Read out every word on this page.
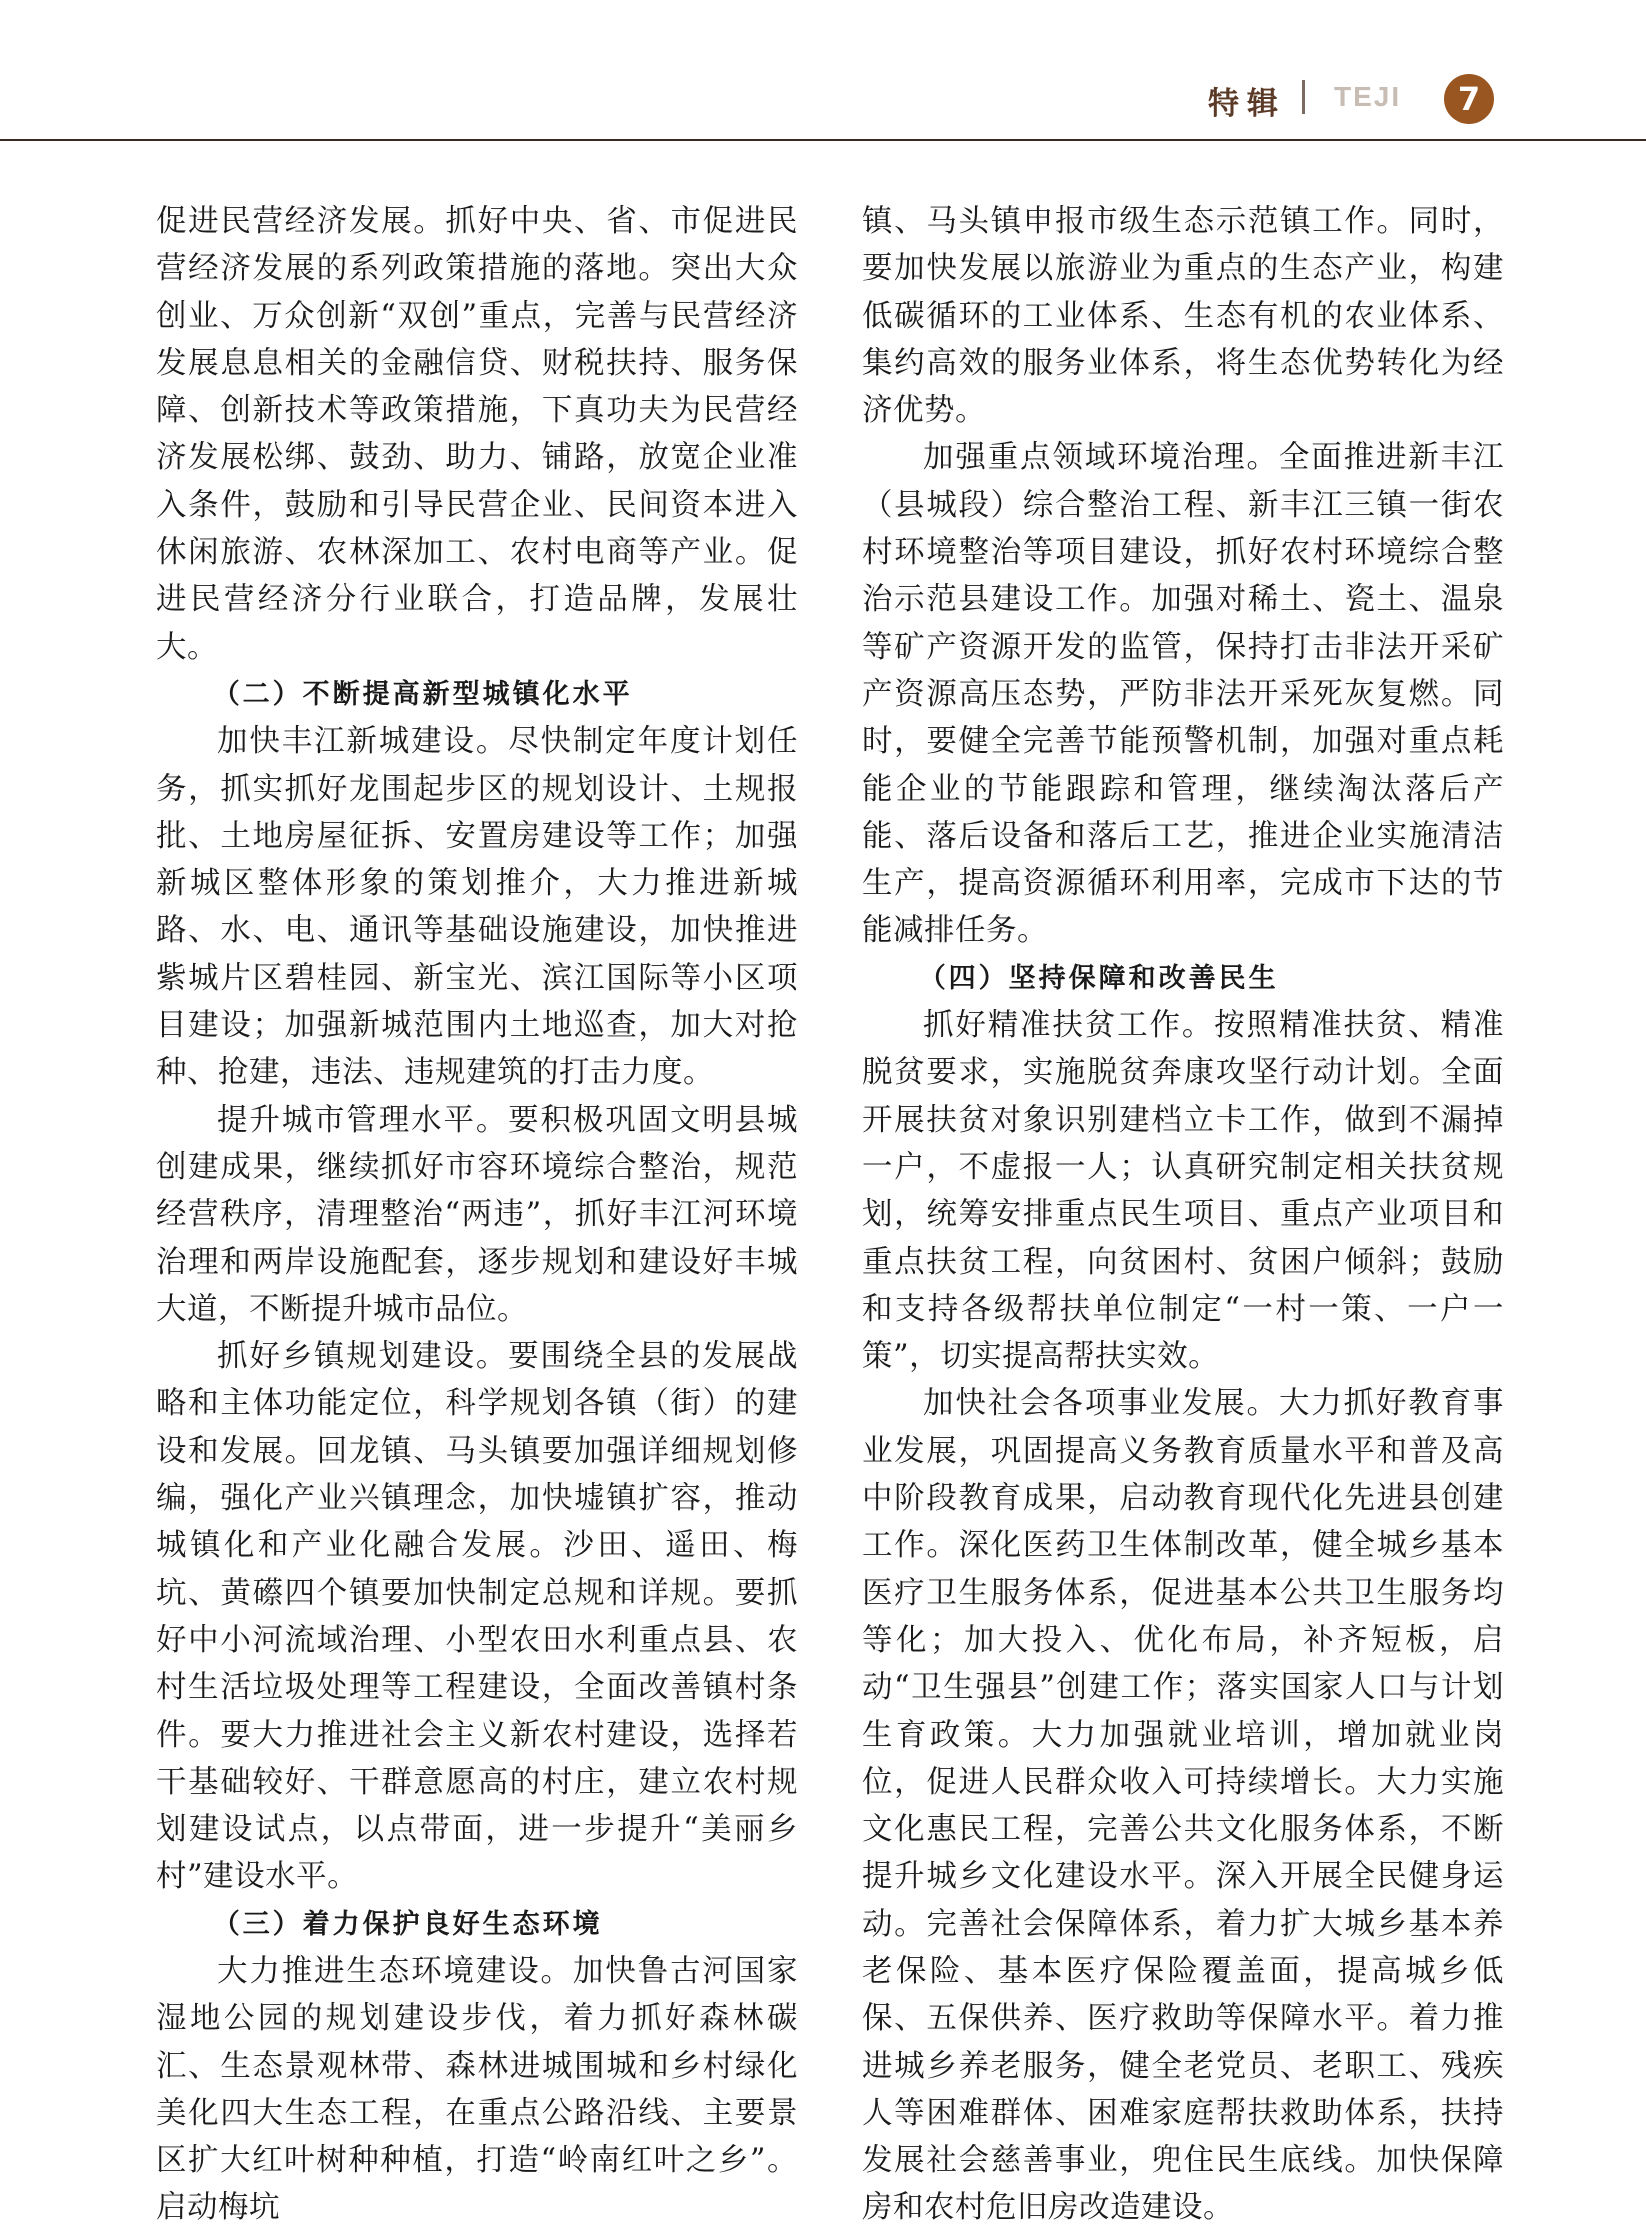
特辑 TEJI	7

促进民营经济发展。抓好中央、省、市促进民营经济发展的系列政策措施的落地。突出大众创业、万众创新“双创”重点，完善与民营经济发展息息相关的金融信贷、财税扶持、服务保障、创新技术等政策措施，下真功夫为民营经济发展松绑、鼓劲、助力、铺路，放宽企业准入条件，鼓励和引导民营企业、民间资本进入休闲旅游、农林深加工、农村电商等产业。促进民营经济分行业联合，打造品牌，发展壮大。

（二）不断提高新型城镇化水平

加快丰江新城建设。尽快制定年度计划任务，抓实抓好龙围起步区的规划设计、土规报批、土地房屋征拆、安置房建设等工作；加强新城区整体形象的策划推介，大力推进新城路、水、电、通讯等基础设施建设，加快推进紫城片区碧桂园、新宝光、滨江国际等小区项目建设；加强新城范围内土地巡查，加大对抢种、抢建，违法、违规建筑的打击力度。

提升城市管理水平。要积极巩固文明县城创建成果，继续抓好市容环境综合整治，规范经营秩序，清理整治“两违”，抓好丰江河环境治理和两岸设施配套，逐步规划和建设好丰城大道，不断提升城市品位。

抓好乡镇规划建设。要围绕全县的发展战略和主体功能定位，科学规划各镇（街）的建设和发展。回龙镇、马头镇要加强详细规划修编，强化产业兴镇理念，加快墟镇扩容，推动城镇化和产业化融合发展。沙田、遥田、梅坑、黄礤四个镇要加快制定总规和详规。要抓好中小河流域治理、小型农田水利重点县、农村生活垃圾处理等工程建设，全面改善镇村条件。要大力推进社会主义新农村建设，选择若干基础较好、干群意愿高的村庄，建立农村规划建设试点，以点带面，进一步提升“美丽乡村”建设水平。

（三）着力保护良好生态环境

大力推进生态环境建设。加快鲁古河国家湿地公园的规划建设步伐，着力抓好森林碳汇、生态景观林带、森林进城围城和乡村绿化美化四大生态工程，在重点公路沿线、主要景区扩大红叶树种种植，打造“岭南红叶之乡”。启动梅坑

镇、马头镇申报市级生态示范镇工作。同时，要加快发展以旅游业为重点的生态产业，构建低碳循环的工业体系、生态有机的农业体系、集约高效的服务业体系，将生态优势转化为经济优势。

加强重点领域环境治理。全面推进新丰江（县城段）综合整治工程、新丰江三镇一街农村环境整治等项目建设，抓好农村环境综合整治示范县建设工作。加强对稀土、瓷土、温泉等矿产资源开发的监管，保持打击非法开采矿产资源高压态势，严防非法开采死灰复燃。同时，要健全完善节能预警机制，加强对重点耗能企业的节能跟踪和管理，继续淘汰落后产能、落后设备和落后工艺，推进企业实施清洁生产，提高资源循环利用率，完成市下达的节能减排任务。

（四）坚持保障和改善民生

抓好精准扶贫工作。按照精准扶贫、精准脱贫要求，实施脱贫奔康攻坚行动计划。全面开展扶贫对象识别建档立卡工作，做到不漏掉一户，不虚报一人；认真研究制定相关扶贫规划，统筹安排重点民生项目、重点产业项目和重点扶贫工程，向贫困村、贫困户倾斜；鼓励和支持各级帮扶单位制定“一村一策、一户一策”，切实提高帮扶实效。

加快社会各项事业发展。大力抓好教育事业发展，巩固提高义务教育质量水平和普及高中阶段教育成果，启动教育现代化先进县创建工作。深化医药卫生体制改革，健全城乡基本医疗卫生服务体系，促进基本公共卫生服务均等化；加大投入、优化布局，补齐短板，启动“卫生强县”创建工作；落实国家人口与计划生育政策。大力加强就业培训，增加就业岗位，促进人民群众收入可持续增长。大力实施文化惠民工程，完善公共文化服务体系，不断提升城乡文化建设水平。深入开展全民健身运动。完善社会保障体系，着力扩大城乡基本养老保险、基本医疗保险覆盖面，提高城乡低保、五保供养、医疗救助等保障水平。着力推进城乡养老服务，健全老党员、老职工、残疾人等困难群体、困难家庭帮扶救助体系，扶持发展社会慈善事业，兜住民生底线。加快保障房和农村危旧房改造建设。
